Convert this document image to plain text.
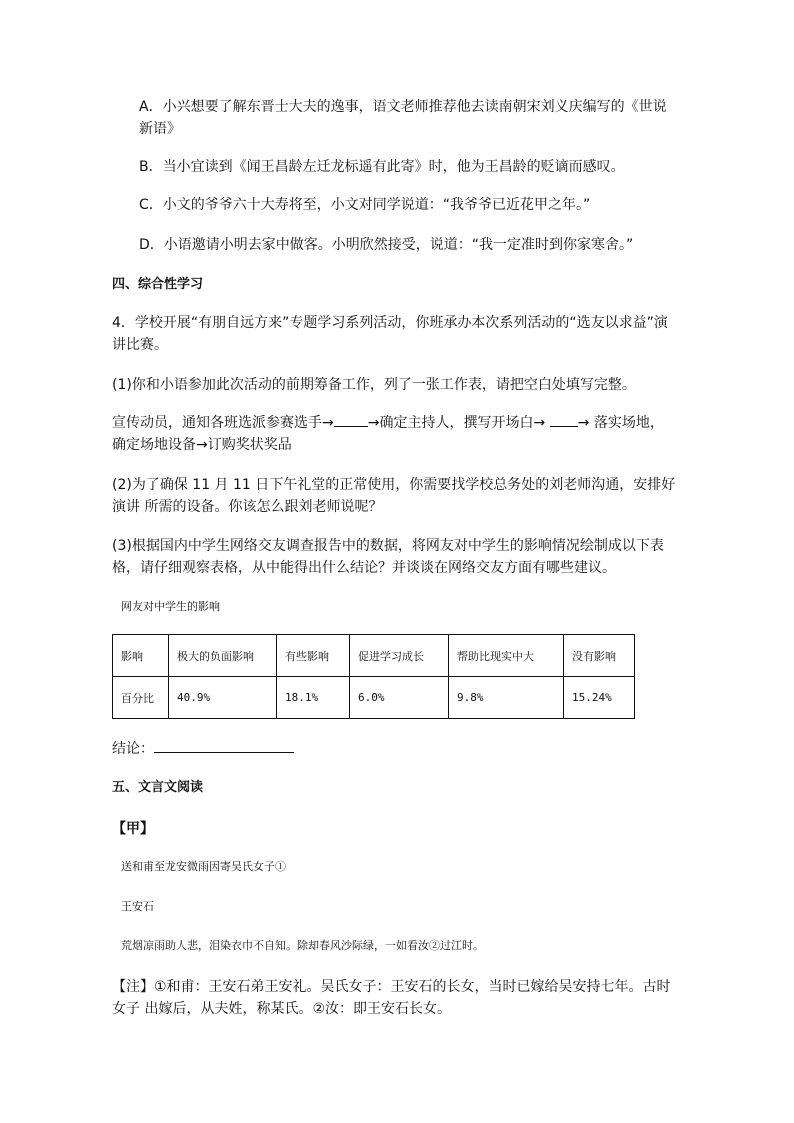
A．小兴想要了解东晋士大夫的逸事，语文老师推荐他去读南朝宋刘义庆编写的《世说
新语》
B．当小宜读到《闻王昌龄左迁龙标遥有此寄》时，他为王昌龄的贬谪而感叹。
C．小文的爷爷六十大寿将至，小文对同学说道：“我爷爷已近花甲之年。”
D．小语邀请小明去家中做客。小明欣然接受，说道：“我一定准时到你家寒舍。”
四、综合性学习
4．学校开展“有朋自远方来”专题学习系列活动，你班承办本次系列活动的“选友以求益”演
讲比赛。
(1)你和小语参加此次活动的前期筹备工作，列了一张工作表，请把空白处填写完整。
宣传动员，通知各班选派参赛选手→ →确定主持人，撰写开场白→ → 落实场地，
确定场地设备→订购奖状奖品
(2)为了确保 11 月 11 日下午礼堂的正常使用，你需要找学校总务处的刘老师沟通，安排好
演讲 所需的设备。你该怎么跟刘老师说呢？
(3)根据国内中学生网络交友调查报告中的数据，将网友对中学生的影响情况绘制成以下表
格，请仔细观察表格，从中能得出什么结论？并谈谈在网络交友方面有哪些建议。
网友对中学生的影响
影响	极大的负面影响	有些影响	促进学习成长	帮助比现实中大	没有影响
百分比	40.9%	18.1%	6.0%	9.8%	15.24%
结论：
五、文言文阅读
【甲】
送和甫至龙安微雨因寄吴氏女子①
王安石
荒烟凉雨助人悲，泪染衣巾不自知。除却春风沙际绿，一如看汝②过江时。
【注】①和甫：王安石弟王安礼。吴氏女子：王安石的长女，当时已嫁给吴安持七年。古时
女子 出嫁后，从夫姓，称某氏。②汝：即王安石长女。
